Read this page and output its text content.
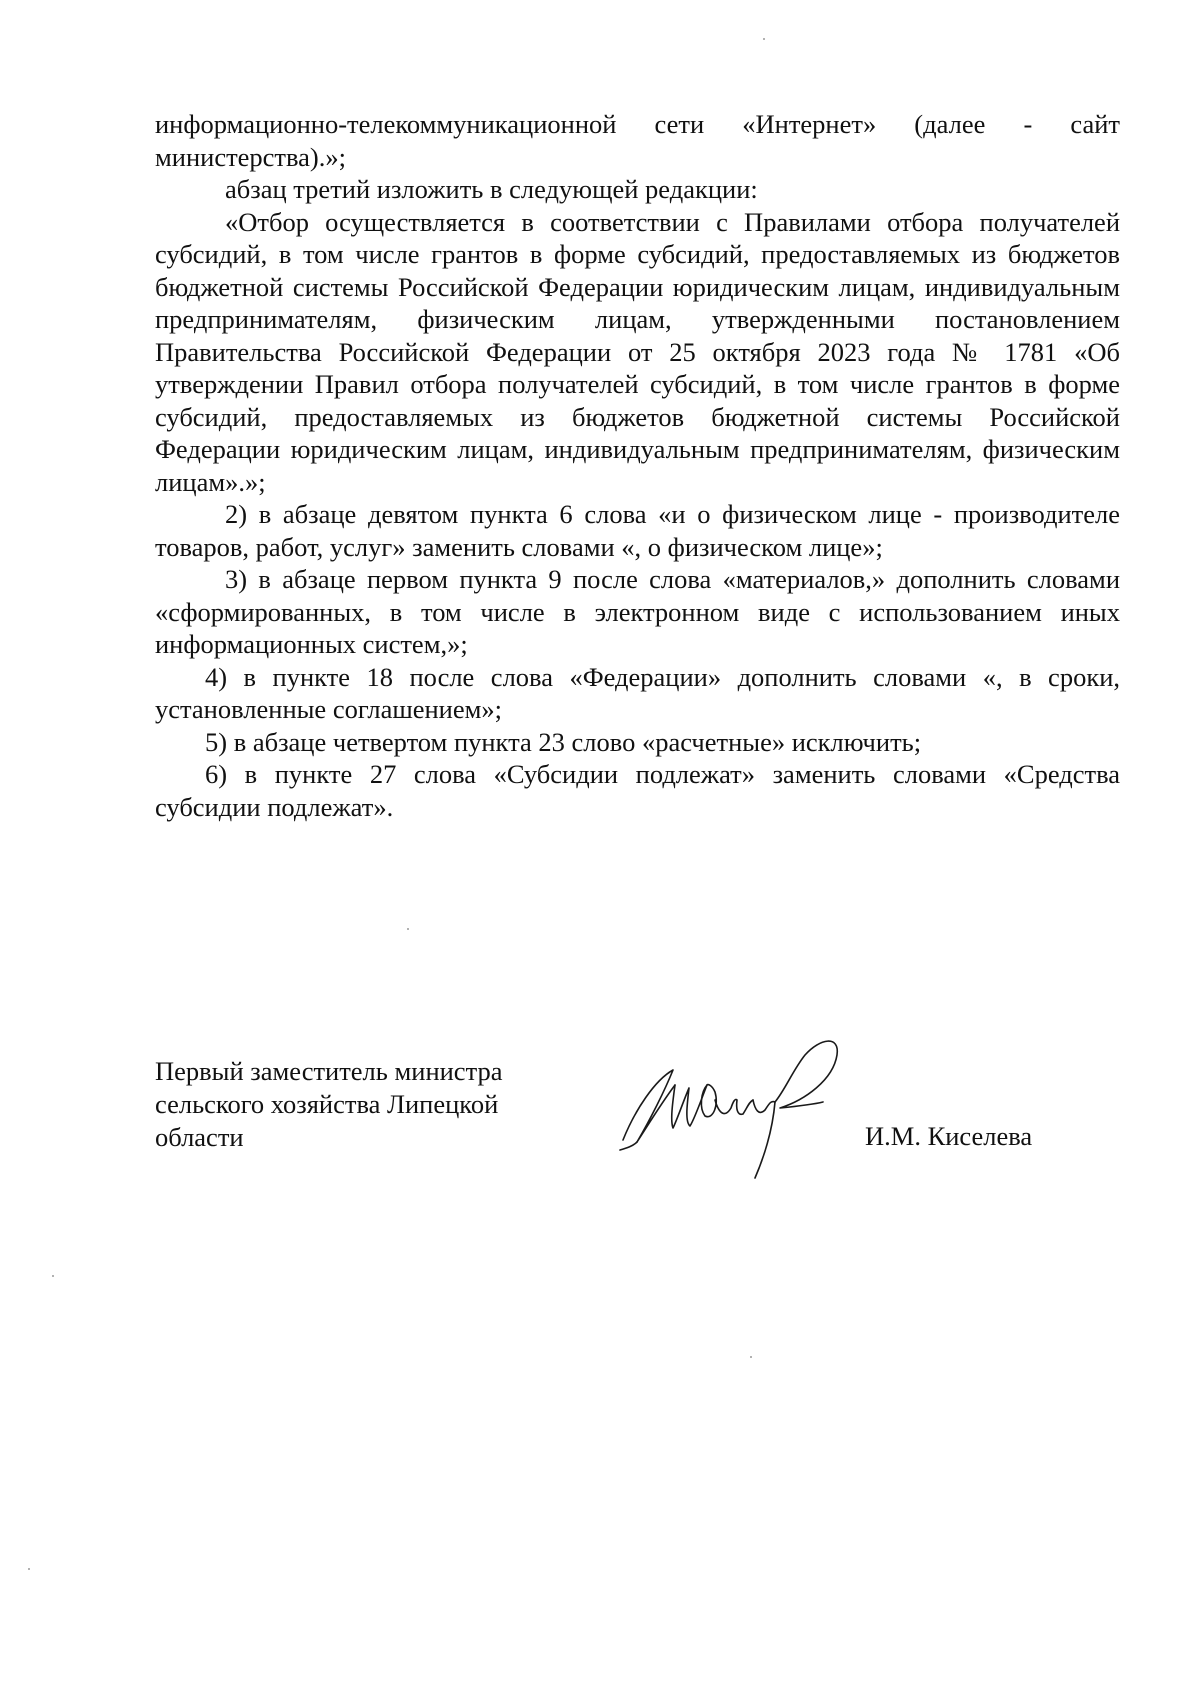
информационно-телекоммуникационной сети «Интернет» (далее - сайт министерства).»;

абзац третий изложить в следующей редакции:

«Отбор осуществляется в соответствии с Правилами отбора получателей субсидий, в том числе грантов в форме субсидий, предоставляемых из бюджетов бюджетной системы Российской Федерации юридическим лицам, индивидуальным предпринимателям, физическим лицам, утвержденными постановлением Правительства Российской Федерации от 25 октября 2023 года № 1781 «Об утверждении Правил отбора получателей субсидий, в том числе грантов в форме субсидий, предоставляемых из бюджетов бюджетной системы Российской Федерации юридическим лицам, индивидуальным предпринимателям, физическим лицам».»;

2) в абзаце девятом пункта 6 слова «и о физическом лице - производителе товаров, работ, услуг» заменить словами «, о физическом лице»;

3) в абзаце первом пункта 9 после слова «материалов,» дополнить словами «сформированных, в том числе в электронном виде с использованием иных информационных систем,»;

4) в пункте 18 после слова «Федерации» дополнить словами «, в сроки, установленные соглашением»;

5) в абзаце четвертом пункта 23 слово «расчетные» исключить;

6) в пункте 27 слова «Субсидии подлежат» заменить словами «Средства субсидии подлежат».

Первый заместитель министра
сельского хозяйства Липецкой
области	И.М. Киселева
